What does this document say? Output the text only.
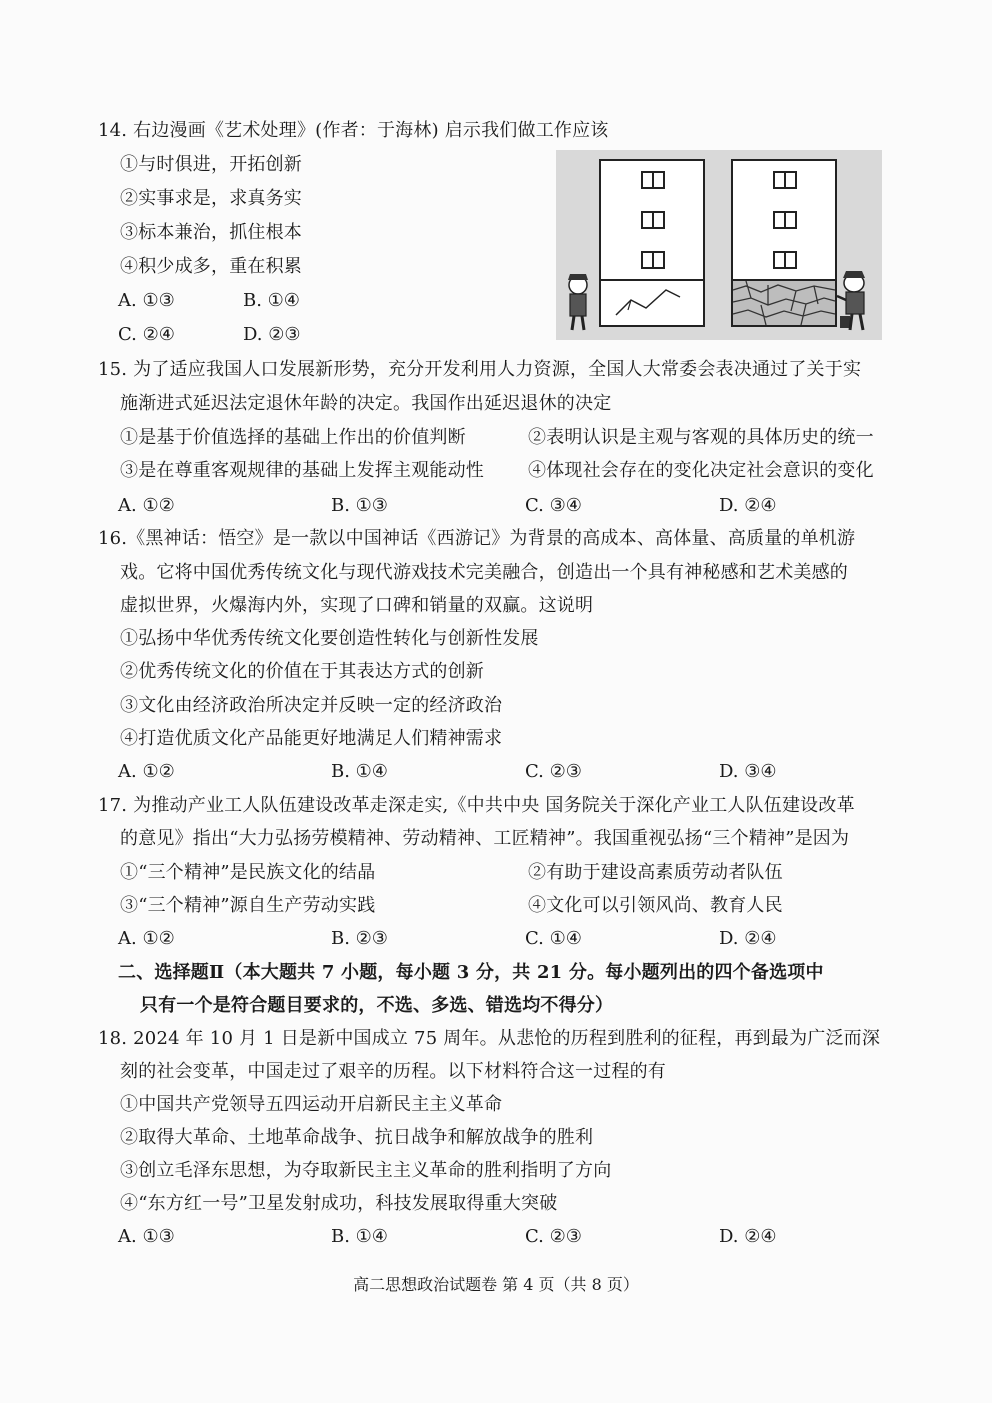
14. 右边漫画《艺术处理》(作者：于海林) 启示我们做工作应该
①与时俱进，开拓创新
②实事求是，求真务实
③标本兼治，抓住根本
④积少成多，重在积累
A. ①③	B. ①④
C. ②④	D. ②③
15. 为了适应我国人口发展新形势，充分开发利用人力资源，全国人大常委会表决通过了关于实
施渐进式延迟法定退休年龄的决定。我国作出延迟退休的决定
①是基于价值选择的基础上作出的价值判断	②表明认识是主观与客观的具体历史的统一
③是在尊重客观规律的基础上发挥主观能动性 ④体现社会存在的变化决定社会意识的变化
A. ①②	B. ①③	C. ③④	D. ②④
16.《黑神话：悟空》是一款以中国神话《西游记》为背景的高成本、高体量、高质量的单机游
戏。它将中国优秀传统文化与现代游戏技术完美融合，创造出一个具有神秘感和艺术美感的
虚拟世界，火爆海内外，实现了口碑和销量的双赢。这说明
①弘扬中华优秀传统文化要创造性转化与创新性发展
②优秀传统文化的价值在于其表达方式的创新
③文化由经济政治所决定并反映一定的经济政治
④打造优质文化产品能更好地满足人们精神需求
A. ①②	B. ①④	C. ②③	D. ③④
17. 为推动产业工人队伍建设改革走深走实,《中共中央 国务院关于深化产业工人队伍建设改革
的意见》指出“大力弘扬劳模精神、劳动精神、工匠精神”。我国重视弘扬“三个精神”是因为
①“三个精神”是民族文化的结晶	②有助于建设高素质劳动者队伍
③“三个精神”源自生产劳动实践	④文化可以引领风尚、教育人民
A. ①②	B. ②③	C. ①④	D. ②④
二、选择题Ⅱ（本大题共 7 小题，每小题 3 分，共 21 分。每小题列出的四个备选项中
只有一个是符合题目要求的，不选、多选、错选均不得分）
18. 2024 年 10 月 1 日是新中国成立 75 周年。从悲怆的历程到胜利的征程，再到最为广泛而深
刻的社会变革，中国走过了艰辛的历程。以下材料符合这一过程的有
①中国共产党领导五四运动开启新民主主义革命
②取得大革命、土地革命战争、抗日战争和解放战争的胜利
③创立毛泽东思想，为夺取新民主主义革命的胜利指明了方向
④“东方红一号”卫星发射成功，科技发展取得重大突破
A. ①③	B. ①④	C. ②③	D. ②④
高二思想政治试题卷 第 4 页（共 8 页）
